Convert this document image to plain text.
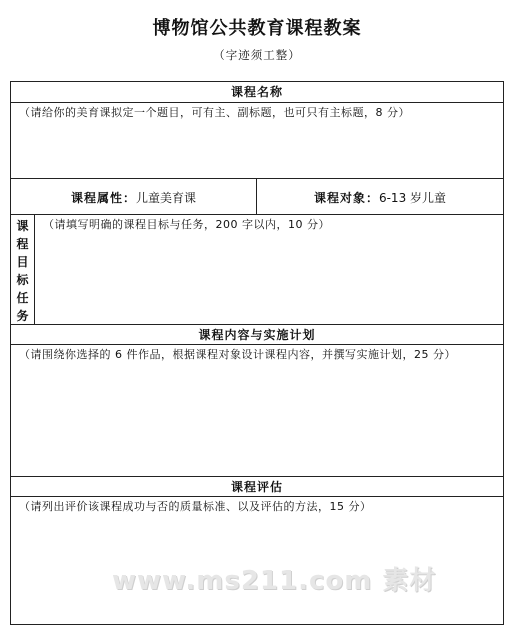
博物馆公共教育课程教案
（字迹须工整）
课程名称
（请给你的美育课拟定一个题目，可有主、副标题，也可只有主标题，8 分）
课程属性： 儿童美育课	课程对象： 6-13 岁儿童
课
程
目
标
任
务
（请填写明确的课程目标与任务，200 字以内，10 分）
课程内容与实施计划
（请围绕你选择的 6 件作品，根据课程对象设计课程内容，并撰写实施计划，25 分）
课程评估
（请列出评价该课程成功与否的质量标准、以及评估的方法，15 分）
www.ms211.com 素材
